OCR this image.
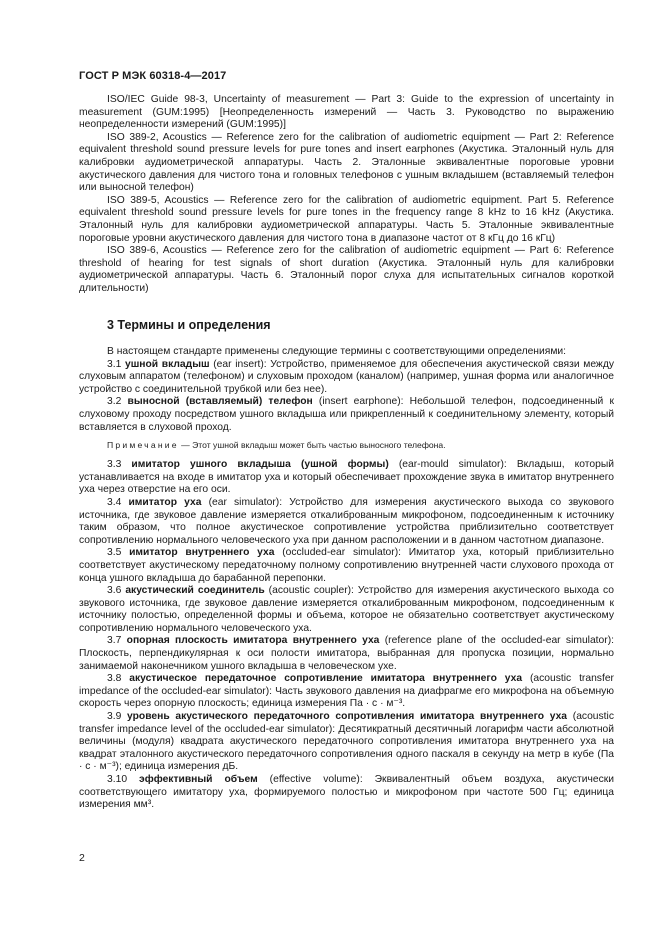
ГОСТ Р МЭК 60318-4—2017

ISO/IEC Guide 98-3, Uncertainty of measurement — Part 3: Guide to the expression of uncertainty in measurement (GUM:1995) [Неопределенность измерений — Часть 3. Руководство по выражению неопределенности измерений (GUM:1995)]

ISO 389-2, Acoustics — Reference zero for the calibration of audiometric equipment — Part 2: Reference equivalent threshold sound pressure levels for pure tones and insert earphones (Акустика. Эталонный нуль для калибровки аудиометрической аппаратуры. Часть 2. Эталонные эквивалентные пороговые уровни акустического давления для чистого тона и головных телефонов с ушным вкладышем (вставляемый телефон или выносной телефон)

ISO 389-5, Acoustics — Reference zero for the calibration of audiometric equipment. Part 5. Reference equivalent threshold sound pressure levels for pure tones in the frequency range 8 kHz to 16 kHz (Акустика. Эталонный нуль для калибровки аудиометрической аппаратуры. Часть 5. Эталонные эквивалентные пороговые уровни акустического давления для чистого тона в диапазоне частот от 8 кГц до 16 кГц)

ISO 389-6, Acoustics — Reference zero for the calibration of audiometric equipment — Part 6: Reference threshold of hearing for test signals of short duration (Акустика. Эталонный нуль для калибровки аудиометрической аппаратуры. Часть 6. Эталонный порог слуха для испытательных сигналов короткой длительности)

3 Термины и определения

В настоящем стандарте применены следующие термины с соответствующими определениями:

3.1 ушной вкладыш (ear insert): Устройство, применяемое для обеспечения акустической связи между слуховым аппаратом (телефоном) и слуховым проходом (каналом) (например, ушная форма или аналогичное устройство с соединительной трубкой или без нее).

3.2 выносной (вставляемый) телефон (insert earphone): Небольшой телефон, подсоединенный к слуховому проходу посредством ушного вкладыша или прикрепленный к соединительному элементу, который вставляется в слуховой проход.

Примечание — Этот ушной вкладыш может быть частью выносного телефона.

3.3 имитатор ушного вкладыша (ушной формы) (ear-mould simulator): Вкладыш, который устанавливается на входе в имитатор уха и который обеспечивает прохождение звука в имитатор внутреннего уха через отверстие на его оси.

3.4 имитатор уха (ear simulator): Устройство для измерения акустического выхода со звукового источника, где звуковое давление измеряется откалиброванным микрофоном, подсоединенным к источнику таким образом, что полное акустическое сопротивление устройства приблизительно соответствует сопротивлению нормального человеческого уха при данном расположении и в данном частотном диапазоне.

3.5 имитатор внутреннего уха (occluded-ear simulator): Имитатор уха, который приблизительно соответствует акустическому передаточному полному сопротивлению внутренней части слухового прохода от конца ушного вкладыша до барабанной перепонки.

3.6 акустический соединитель (acoustic coupler): Устройство для измерения акустического выхода со звукового источника, где звуковое давление измеряется откалиброванным микрофоном, подсоединенным к источнику полостью, определенной формы и объема, которое не обязательно соответствует акустическому сопротивлению нормального человеческого уха.

3.7 опорная плоскость имитатора внутреннего уха (reference plane of the occluded-ear simulator): Плоскость, перпендикулярная к оси полости имитатора, выбранная для пропуска позиции, нормально занимаемой наконечником ушного вкладыша в человеческом ухе.

3.8 акустическое передаточное сопротивление имитатора внутреннего уха (acoustic transfer impedance of the occluded-ear simulator): Часть звукового давления на диафрагме его микрофона на объемную скорость через опорную плоскость; единица измерения Па · с · м⁻³.

3.9 уровень акустического передаточного сопротивления имитатора внутреннего уха (acoustic transfer impedance level of the occluded-ear simulator): Десятикратный десятичный логарифм части абсолютной величины (модуля) квадрата акустического передаточного сопротивления имитатора внутреннего уха на квадрат эталонного акустического передаточного сопротивления одного паскаля в секунду на метр в кубе (Па · с · м⁻³); единица измерения дБ.

3.10 эффективный объем (effective volume): Эквивалентный объем воздуха, акустически соответствующего имитатору уха, формируемого полостью и микрофоном при частоте 500 Гц; единица измерения мм³.

2
